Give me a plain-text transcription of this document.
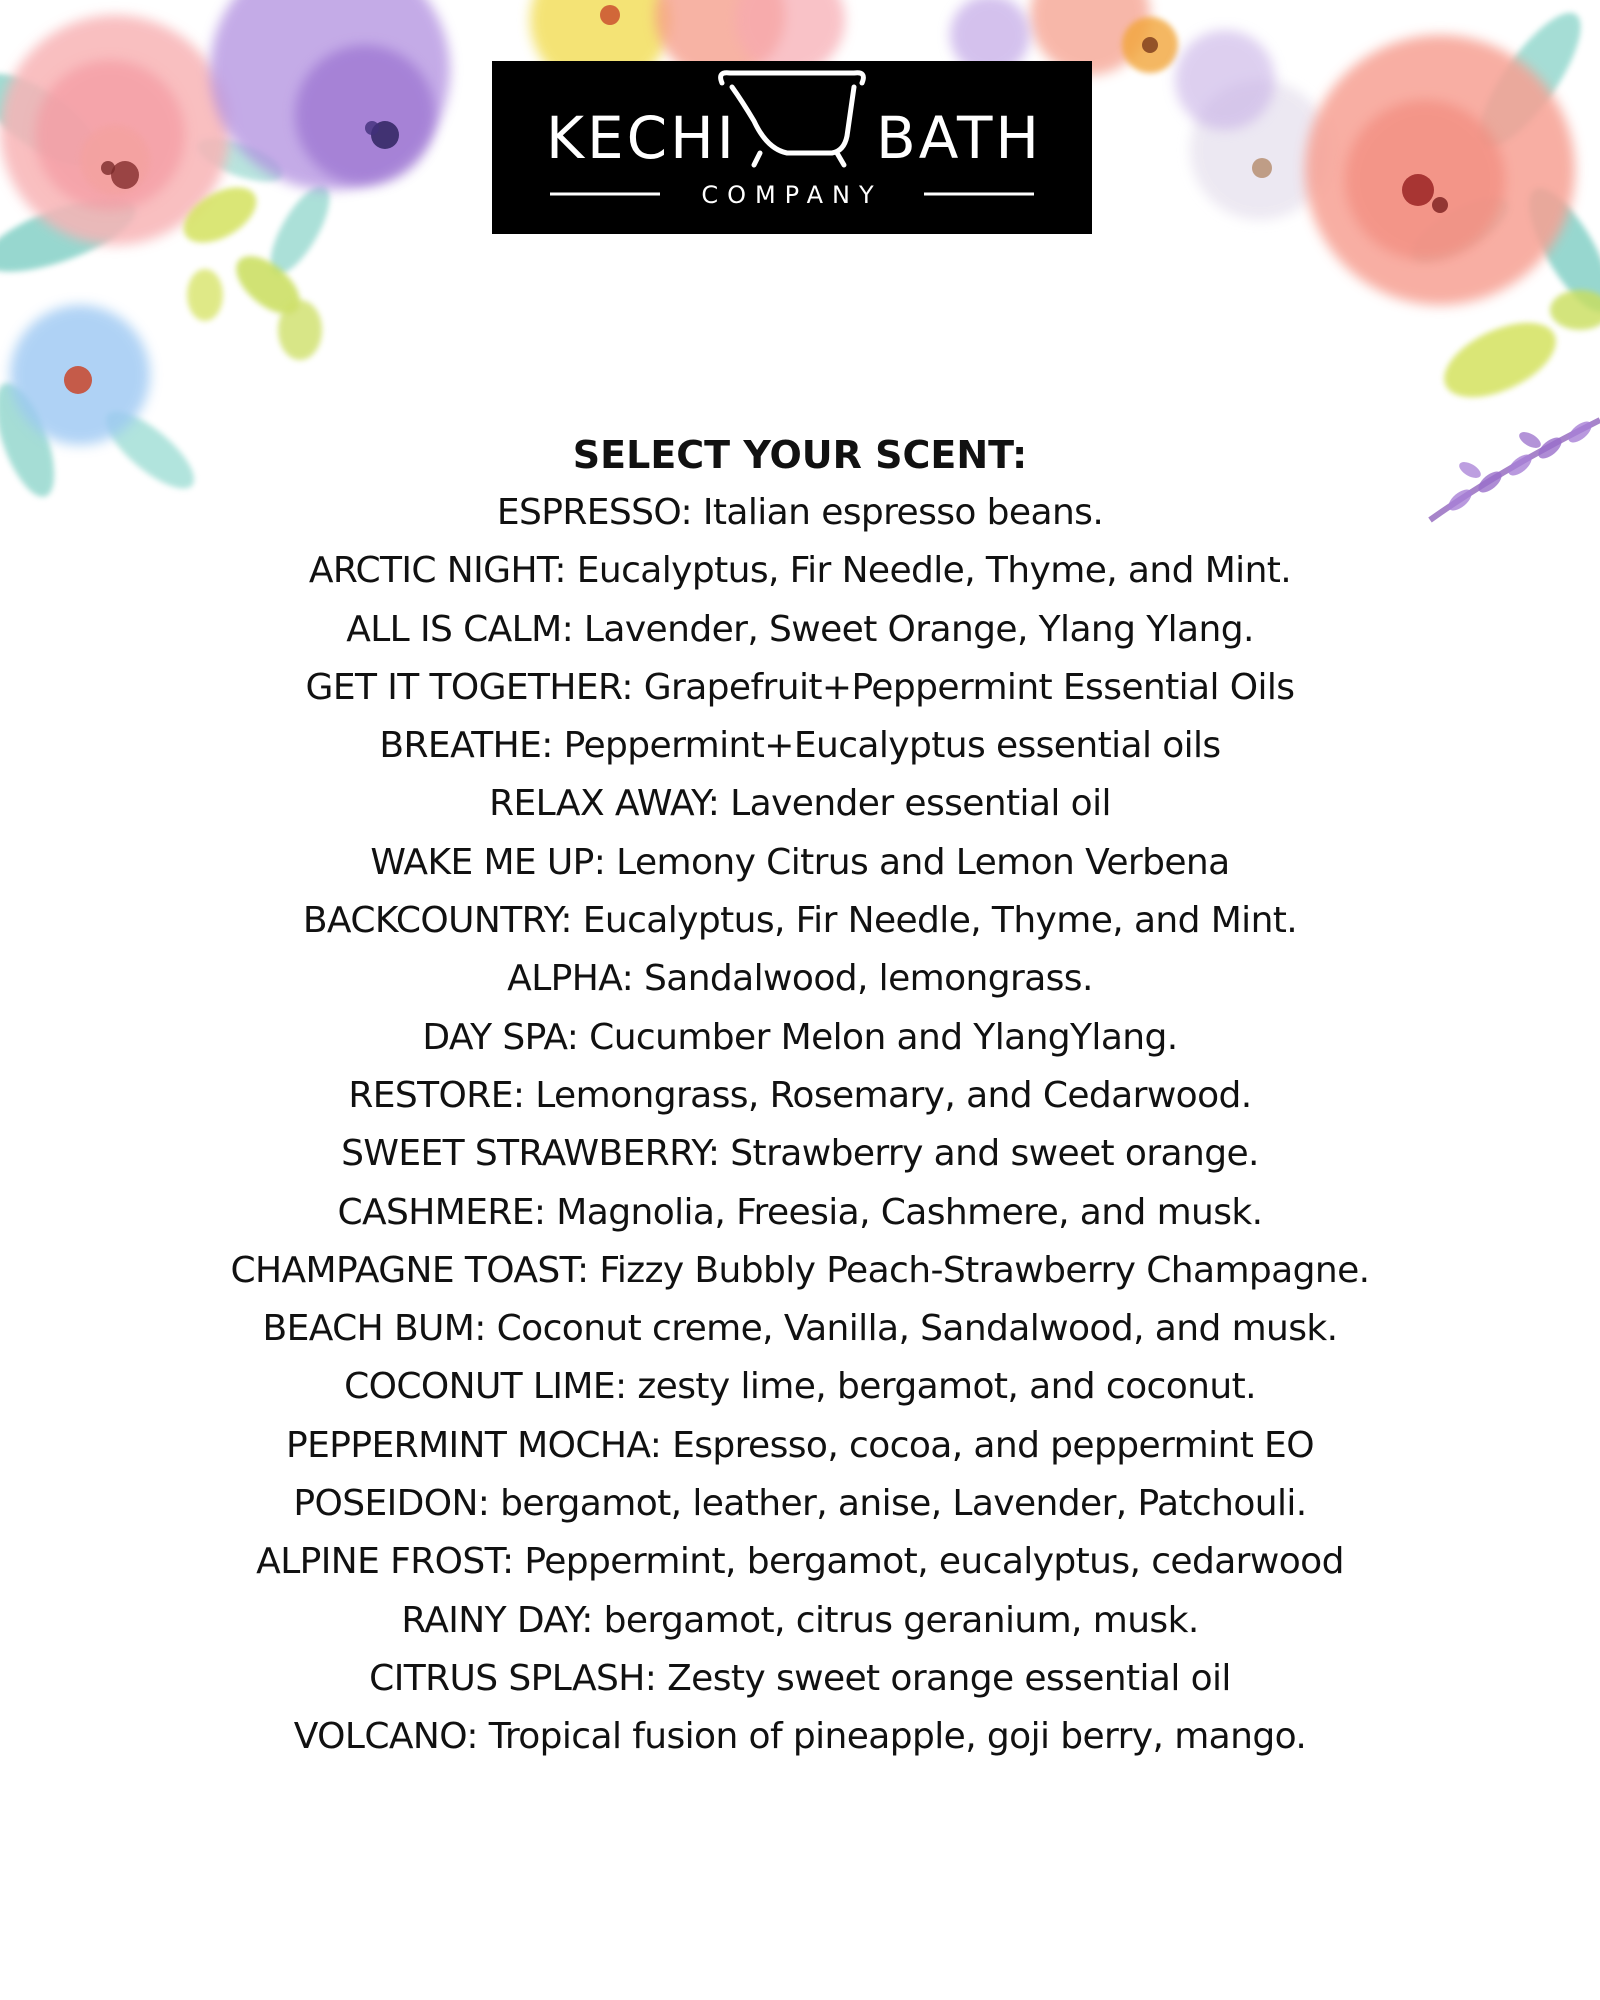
KECHI BATH
COMPANY
SELECT YOUR SCENT:
ESPRESSO: Italian espresso beans.
ARCTIC NIGHT: Eucalyptus, Fir Needle, Thyme, and Mint.
ALL IS CALM: Lavender, Sweet Orange, Ylang Ylang.
GET IT TOGETHER: Grapefruit+Peppermint Essential Oils
BREATHE: Peppermint+Eucalyptus essential oils
RELAX AWAY: Lavender essential oil
WAKE ME UP: Lemony Citrus and Lemon Verbena
BACKCOUNTRY: Eucalyptus, Fir Needle, Thyme, and Mint.
ALPHA: Sandalwood, lemongrass.
DAY SPA: Cucumber Melon and YlangYlang.
RESTORE: Lemongrass, Rosemary, and Cedarwood.
SWEET STRAWBERRY: Strawberry and sweet orange.
CASHMERE: Magnolia, Freesia, Cashmere, and musk.
CHAMPAGNE TOAST: Fizzy Bubbly Peach-Strawberry Champagne.
BEACH BUM: Coconut creme, Vanilla, Sandalwood, and musk.
COCONUT LIME: zesty lime, bergamot, and coconut.
PEPPERMINT MOCHA: Espresso, cocoa, and peppermint EO
POSEIDON: bergamot, leather, anise, Lavender, Patchouli.
ALPINE FROST: Peppermint, bergamot, eucalyptus, cedarwood
RAINY DAY: bergamot, citrus geranium, musk.
CITRUS SPLASH: Zesty sweet orange essential oil
VOLCANO: Tropical fusion of pineapple, goji berry, mango.
